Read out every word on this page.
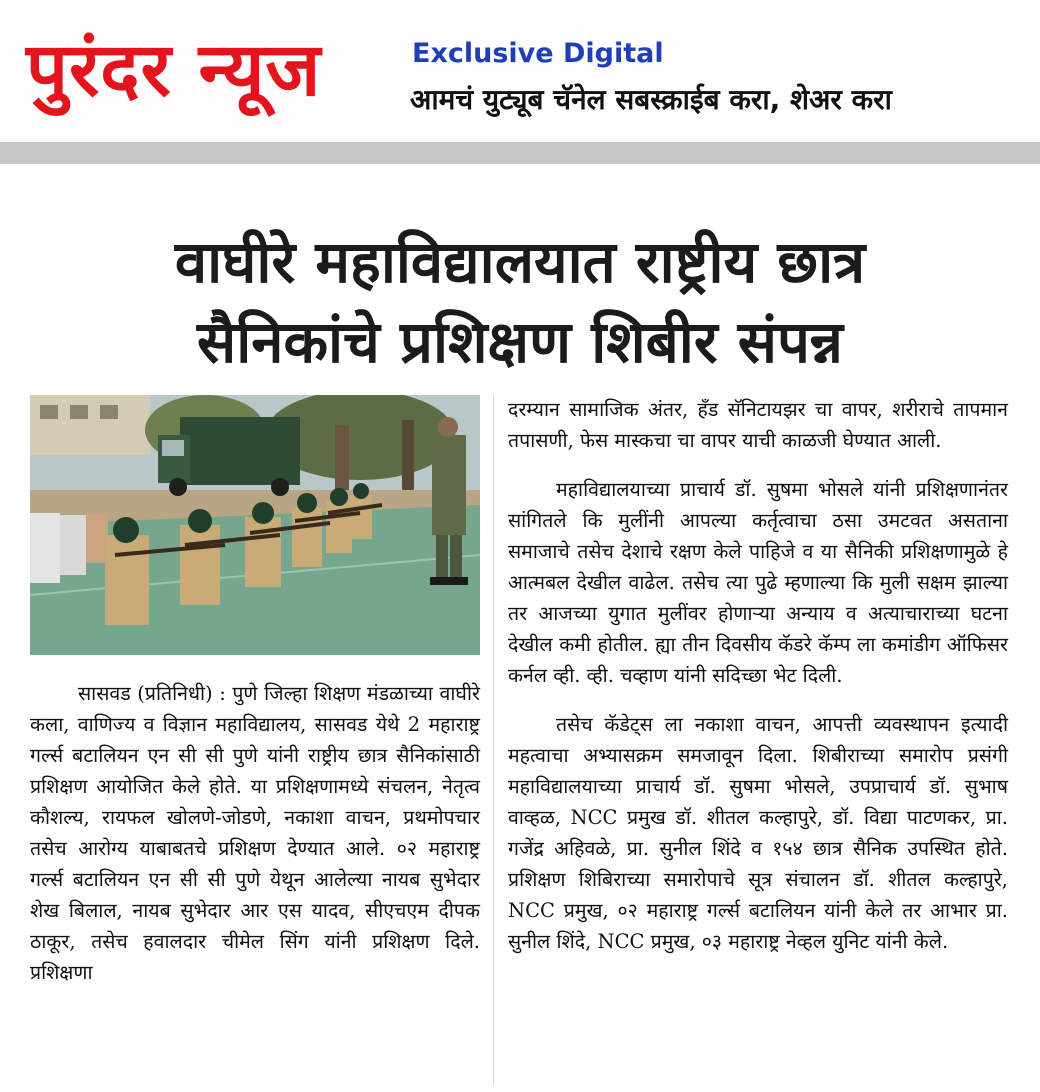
पुरंदर न्यूज	Exclusive Digital
आमचं युट्यूब चॅनेल सबस्क्राईब करा, शेअर करा
वाघीरे महाविद्यालयात राष्ट्रीय छात्र
सैनिकांचे प्रशिक्षण शिबीर संपन्न

सासवड (प्रतिनिधी) : पुणे जिल्हा शिक्षण मंडळाच्या वाघीरे कला, वाणिज्य व विज्ञान महाविद्यालय, सासवड येथे 2 महाराष्ट्र गर्ल्स बटालियन एन सी सी पुणे यांनी राष्ट्रीय छात्र सैनिकांसाठी प्रशिक्षण आयोजित केले होते. या प्रशिक्षणामध्ये संचलन, नेतृत्व कौशल्य, रायफल खोलणे-जोडणे, नकाशा वाचन, प्रथमोपचार तसेच आरोग्य याबाबतचे प्रशिक्षण देण्यात आले. ०२ महाराष्ट्र गर्ल्स बटालियन एन सी सी पुणे येथून आलेल्या नायब सुभेदार शेख बिलाल, नायब सुभेदार आर एस यादव, सीएचएम दीपक ठाकूर, तसेच हवालदार चीमेल सिंग यांनी प्रशिक्षण दिले. प्रशिक्षणा

दरम्यान सामाजिक अंतर, हँड सॅनिटायझर चा वापर, शरीराचे तापमान तपासणी, फेस मास्कचा चा वापर याची काळजी घेण्यात आली.

महाविद्यालयाच्या प्राचार्य डॉ. सुषमा भोसले यांनी प्रशिक्षणानंतर सांगितले कि मुलींनी आपल्या कर्तृत्वाचा ठसा उमटवत असताना समाजाचे तसेच देशाचे रक्षण केले पाहिजे व या सैनिकी प्रशिक्षणामुळे हे आत्मबल देखील वाढेल. तसेच त्या पुढे म्हणाल्या कि मुली सक्षम झाल्या तर आजच्या युगात मुलींवर होणाऱ्या अन्याय व अत्याचाराच्या घटना देखील कमी होतील. ह्या तीन दिवसीय कॅडरे कॅम्प ला कमांडीग ऑफिसर कर्नल व्ही. व्ही. चव्हाण यांनी सदिच्छा भेट दिली.

तसेच कॅडेट्स ला नकाशा वाचन, आपत्ती व्यवस्थापन इत्यादी महत्वाचा अभ्यासक्रम समजावून दिला. शिबीराच्या समारोप प्रसंगी महाविद्यालयाच्या प्राचार्य डॉ. सुषमा भोसले, उपप्राचार्य डॉ. सुभाष वाव्हळ, NCC प्रमुख डॉ. शीतल कल्हापुरे, डॉ. विद्या पाटणकर, प्रा. गजेंद्र अहिवळे, प्रा. सुनील शिंदे व १५४ छात्र सैनिक उपस्थित होते. प्रशिक्षण शिबिराच्या समारोपाचे सूत्र संचालन डॉ. शीतल कल्हापुरे, NCC प्रमुख, ०२ महाराष्ट्र गर्ल्स बटालियन यांनी केले तर आभार प्रा. सुनील शिंदे, NCC प्रमुख, ०३ महाराष्ट्र नेव्हल युनिट यांनी केले.
